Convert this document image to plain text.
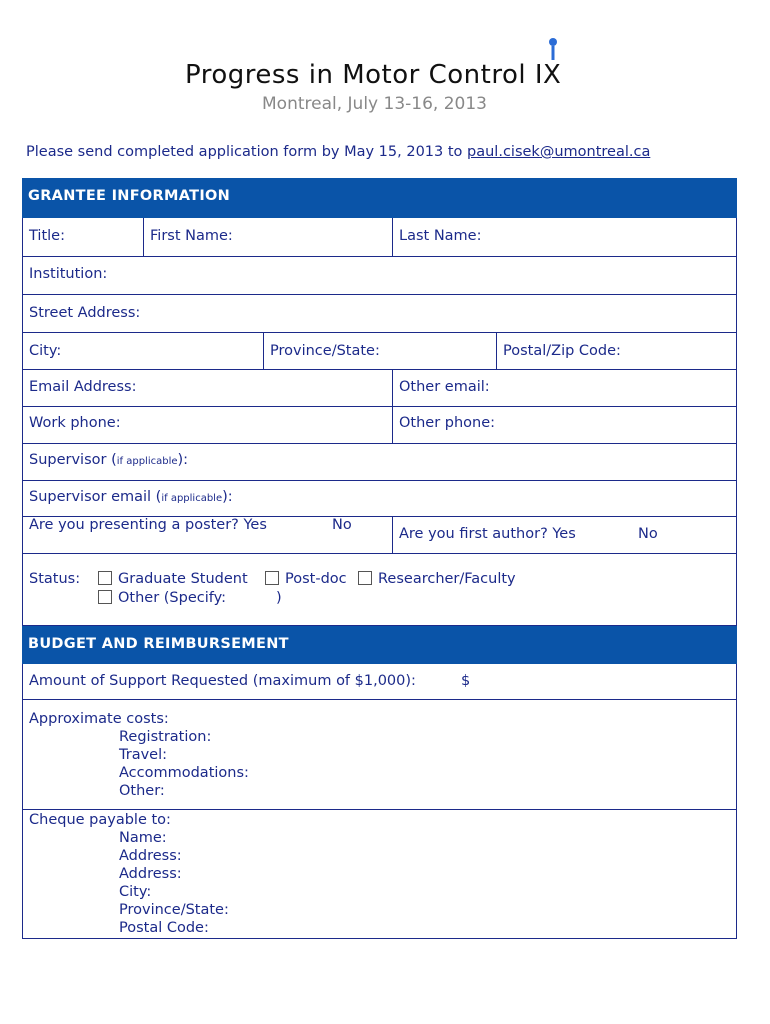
Progress in Motor Control IX
Montreal, July 13-16, 2013
Please send completed application form by May 15, 2013 to paul.cisek@umontreal.ca
GRANTEE INFORMATION
Title:	First Name:	Last Name:
Institution:
Street Address:
City:	Province/State:	Postal/Zip Code:
Email Address:	Other email:
Work phone:	Other phone:
Supervisor (if applicable):
Supervisor email (if applicable):
Are you presenting a poster? Yes	No
Are you first author? Yes	No
Status:	Graduate Student	Post-doc	Researcher/Faculty
Other (Specify:	)
BUDGET AND REIMBURSEMENT
Amount of Support Requested (maximum of $1,000):	$
Approximate costs:
Registration:
Travel:
Accommodations:
Other:
Cheque payable to:
Name:
Address:
Address:
City:
Province/State:
Postal Code:
